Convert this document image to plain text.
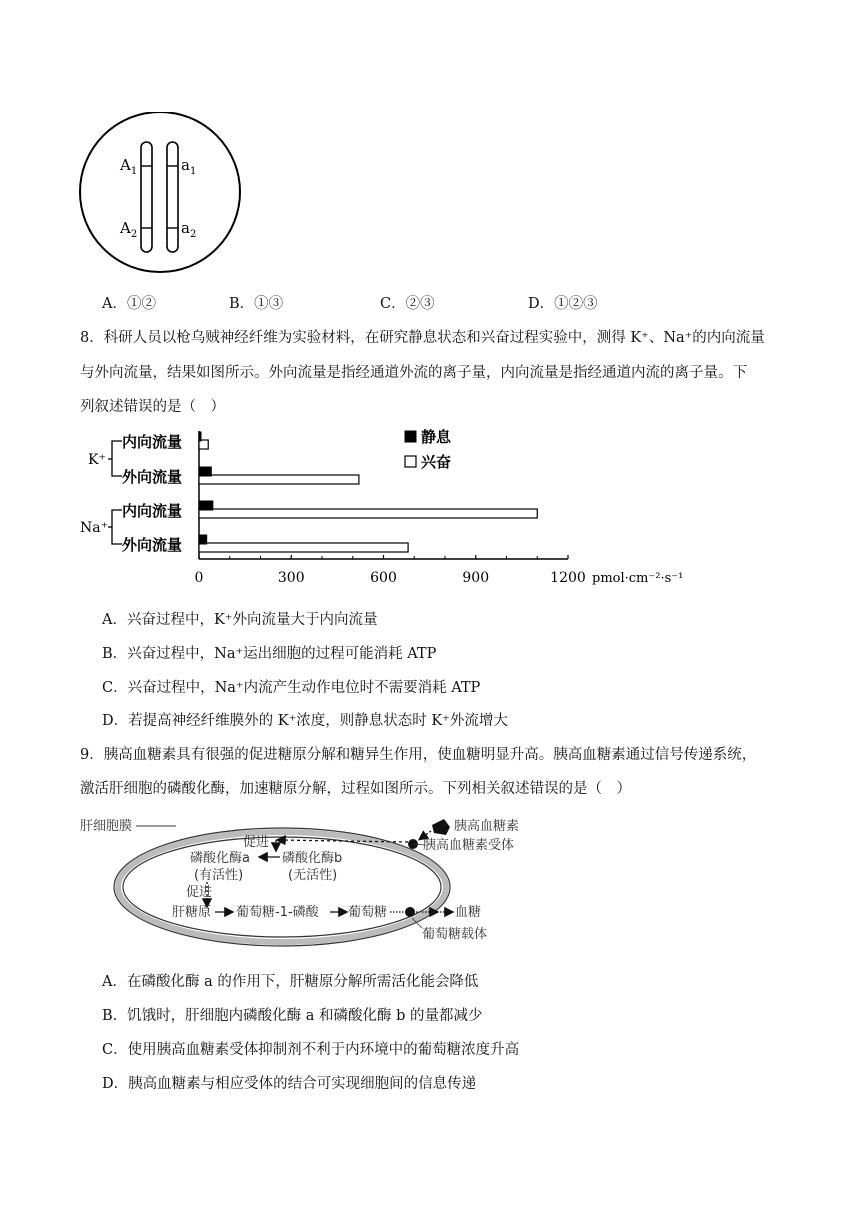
$A_1$
$A_2$
$a_1$
$a_2$
A．①②	B．①③	C．②③	D．①②③
8．科研人员以枪乌贼神经纤维为实验材料，在研究静息状态和兴奋过程实验中，测得 K⁺、Na⁺的内向流量
与外向流量，结果如图所示。外向流量是指经通道外流的离子量，内向流量是指经通道内流的离子量。下
列叙述错误的是（　）
K⁺
Na⁺
内向流量
外向流量
内向流量
外向流量
0	300	600	900	1200
静息
兴奋
pmol·cm⁻²·s⁻¹
A．兴奋过程中，K⁺外向流量大于内向流量
B．兴奋过程中，Na⁺运出细胞的过程可能消耗 ATP
C．兴奋过程中，Na⁺内流产生动作电位时不需要消耗 ATP
D．若提高神经纤维膜外的 K⁺浓度，则静息状态时 K⁺外流增大
9．胰高血糖素具有很强的促进糖原分解和糖异生作用，使血糖明显升高。胰高血糖素通过信号传递系统，
激活肝细胞的磷酸化酶，加速糖原分解，过程如图所示。下列相关叙述错误的是（　）
肝细胞膜	胰高血糖素
胰高血糖素受体
促进
磷酸化酶a
(有活性)
磷酸化酶b
(无活性)
促进
肝糖原 葡萄糖-1-磷酸 葡萄糖	血糖
葡萄糖载体
A．在磷酸化酶 a 的作用下，肝糖原分解所需活化能会降低
B．饥饿时，肝细胞内磷酸化酶 a 和磷酸化酶 b 的量都减少
C．使用胰高血糖素受体抑制剂不利于内环境中的葡萄糖浓度升高
D．胰高血糖素与相应受体的结合可实现细胞间的信息传递
